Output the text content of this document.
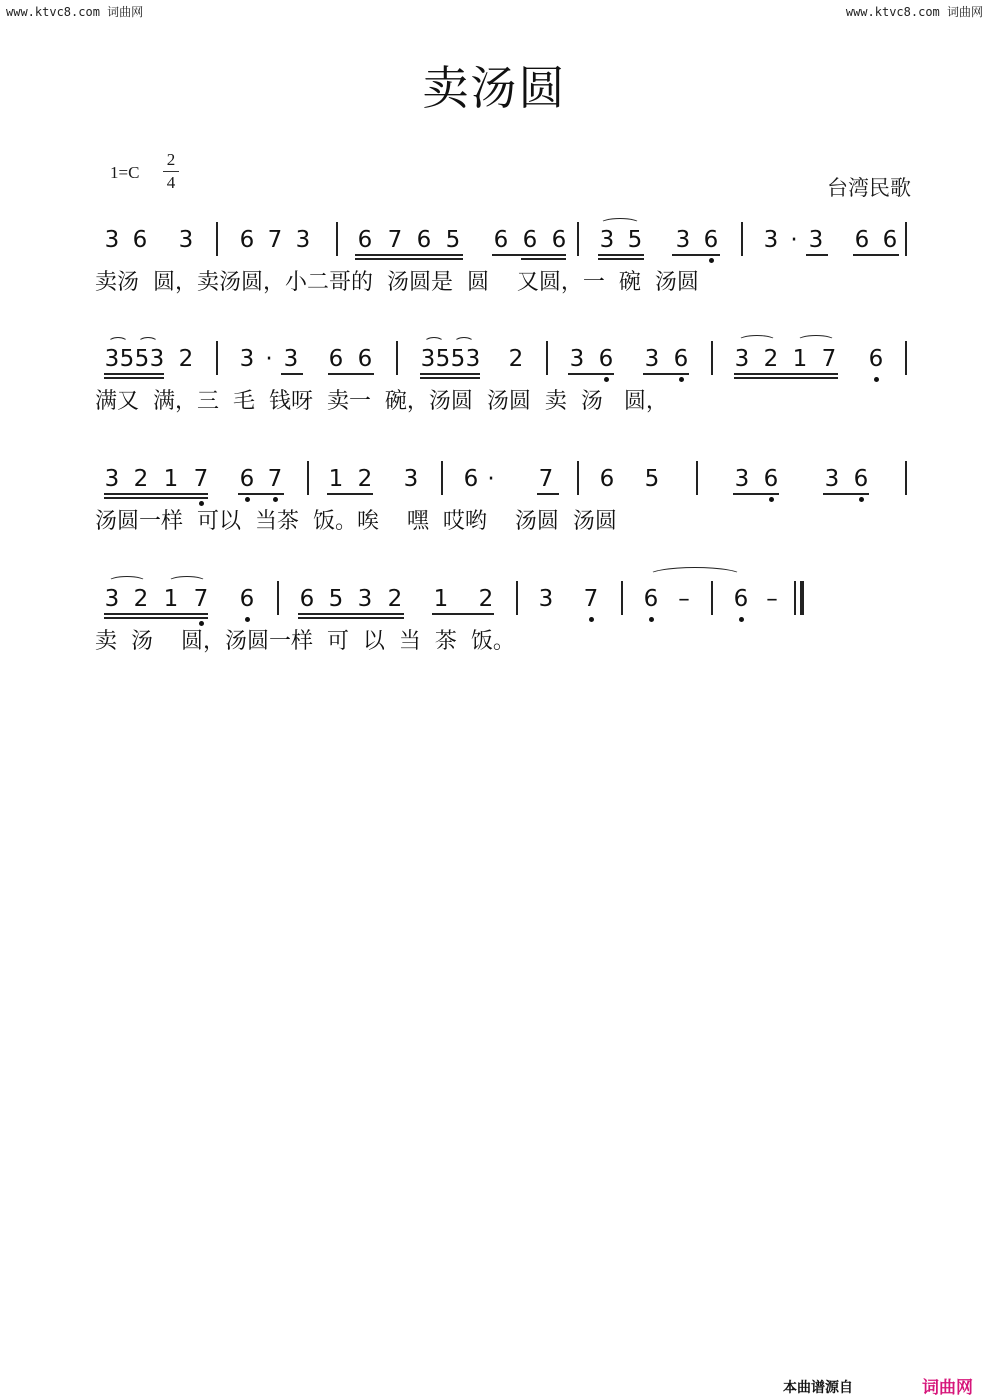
www.ktvc8.com 词曲网	www.ktvc8.com 词曲网
卖汤圆
1=C
2
4	台湾民歌
3 6 3 6 7 3 6 7 6 5 6 6 6 3 5 3 6 3 · 3 6 6
卖汤  圆，卖汤圆，小二哥的  汤圆是  圆    又圆，一  碗  汤圆
3 5 5 3 2 3 · 3 6 6 3 5 5 3 2 3 6 3 6 3 2 1 7 6
满又  满，三  毛  钱呀  卖一  碗，汤圆  汤圆  卖  汤   圆，
3 2 1 7 6 7 1 2 3 6 ·	7 6 5	3 6 3 6
汤圆一样  可以  当茶  饭。唉    嘿  哎哟    汤圆  汤圆
3 2 1 7 6 6 5 3 2 1 2 3 7 6 – 6 –
卖  汤    圆，汤圆一样  可  以  当  茶  饭。
本曲谱源自	词曲网
